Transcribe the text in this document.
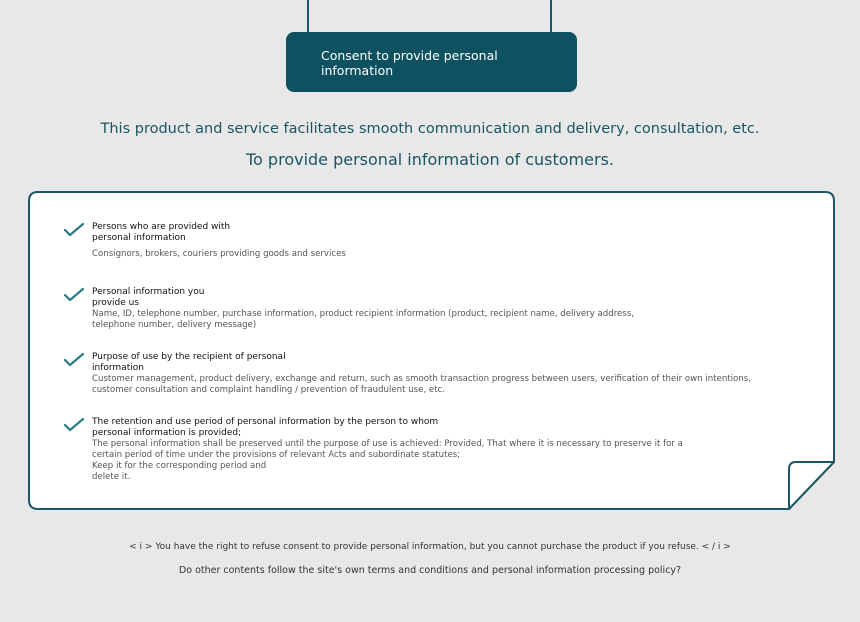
Consent to provide personal
information
This product and service facilitates smooth communication and delivery, consultation, etc.
To provide personal information of customers.
Persons who are provided with
personal information
Consignors, brokers, couriers providing goods and services
Personal information you
provide us
Name, ID, telephone number, purchase information, product recipient information (product, recipient name, delivery address,
telephone number, delivery message)
Purpose of use by the recipient of personal
information
Customer management, product delivery, exchange and return, such as smooth transaction progress between users, verification of their own intentions,
customer consultation and complaint handling / prevention of fraudulent use, etc.
The retention and use period of personal information by the person to whom
personal information is provided;
The personal information shall be preserved until the purpose of use is achieved: Provided, That where it is necessary to preserve it for a
certain period of time under the provisions of relevant Acts and subordinate statutes;
Keep it for the corresponding period and
delete it.
< i > You have the right to refuse consent to provide personal information, but you cannot purchase the product if you refuse. < / i >
Do other contents follow the site's own terms and conditions and personal information processing policy?
